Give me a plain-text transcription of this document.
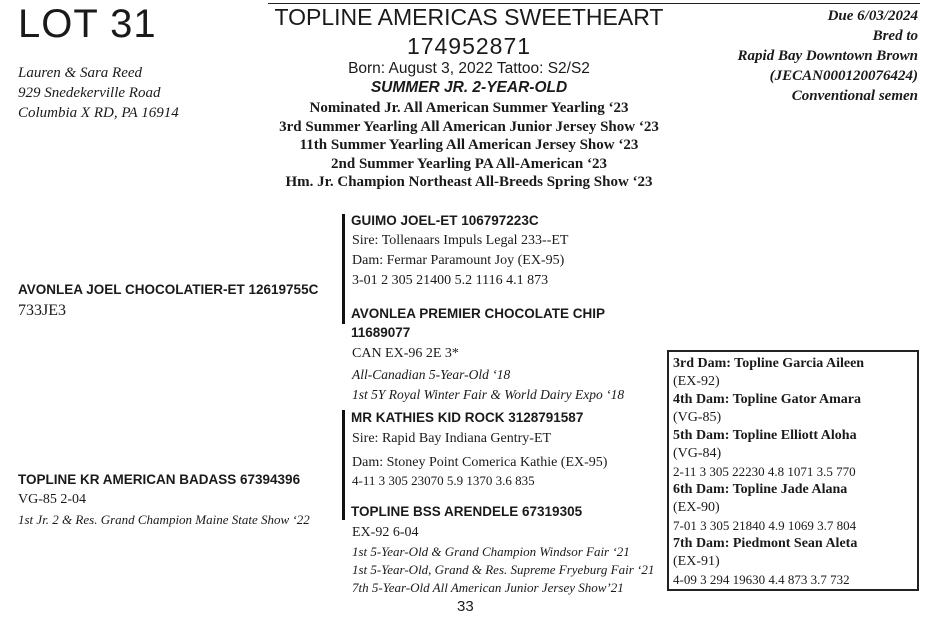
LOT 31
Lauren & Sara Reed
929 Snedekerville Road
Columbia X RD, PA 16914
TOPLINE AMERICAS SWEETHEART
174952871
Born: August 3, 2022 Tattoo: S2/S2
SUMMER JR. 2-YEAR-OLD
Nominated Jr. All American Summer Yearling ‘23
3rd Summer Yearling All American Junior Jersey Show ‘23
11th Summer Yearling All American Jersey Show ‘23
2nd Summer Yearling PA All-American ‘23
Hm. Jr. Champion Northeast All-Breeds Spring Show ‘23
Due 6/03/2024
Bred to
Rapid Bay Downtown Brown
(JECAN000120076424)
Conventional semen
GUIMO JOEL-ET 106797223C
Sire: Tollenaars Impuls Legal 233--ET
Dam: Fermar Paramount Joy (EX-95)
3-01 2 305 21400 5.2 1116 4.1 873
AVONLEA JOEL CHOCOLATIER-ET 12619755C
733JE3	AVONLEA PREMIER CHOCOLATE CHIP
11689077
CAN EX-96 2E 3*
All-Canadian 5-Year-Old ‘18
1st 5Y Royal Winter Fair & World Dairy Expo ‘18
MR KATHIES KID ROCK 3128791587
Sire: Rapid Bay Indiana Gentry-ET
Dam: Stoney Point Comerica Kathie (EX-95)
4-11 3 305 23070 5.9 1370 3.6 835
TOPLINE KR AMERICAN BADASS 67394396
VG-85 2-04
1st Jr. 2 & Res. Grand Champion Maine State Show ‘22
TOPLINE BSS ARENDELE 67319305
EX-92 6-04
1st 5-Year-Old & Grand Champion Windsor Fair ‘21
1st 5-Year-Old, Grand & Res. Supreme Fryeburg Fair ‘21
7th 5-Year-Old All American Junior Jersey Show’21
3rd Dam: Topline Garcia Aileen
(EX-92)
4th Dam: Topline Gator Amara
(VG-85)
5th Dam: Topline Elliott Aloha
(VG-84)
2-11 3 305 22230 4.8 1071 3.5 770
6th Dam: Topline Jade Alana
(EX-90)
7-01 3 305 21840 4.9 1069 3.7 804
7th Dam: Piedmont Sean Aleta
(EX-91)
4-09 3 294 19630 4.4 873 3.7 732
33
